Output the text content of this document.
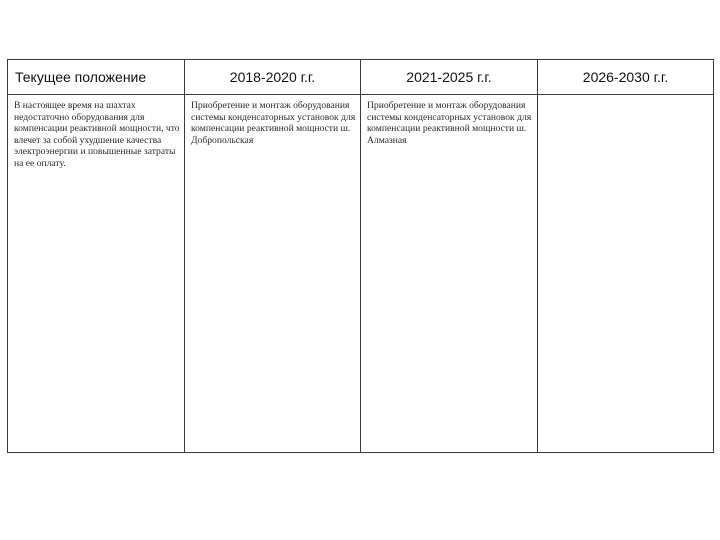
Текущее положение	2018-2020 г.г.	2021-2025 г.г.	2026-2030 г.г.
В настоящее время на шахтах недостаточно оборудования для компенсации реактивной мощности, что влечет за собой ухудшение качества электроэнергии и повышенные затраты на ее оплату.	Приобретение и монтаж оборудования системы конденсаторных установок для компенсации реактивной мощности ш. Добропольская	Приобретение и монтаж оборудования системы конденсаторных установок для компенсации реактивной мощности ш. Алмазная	
